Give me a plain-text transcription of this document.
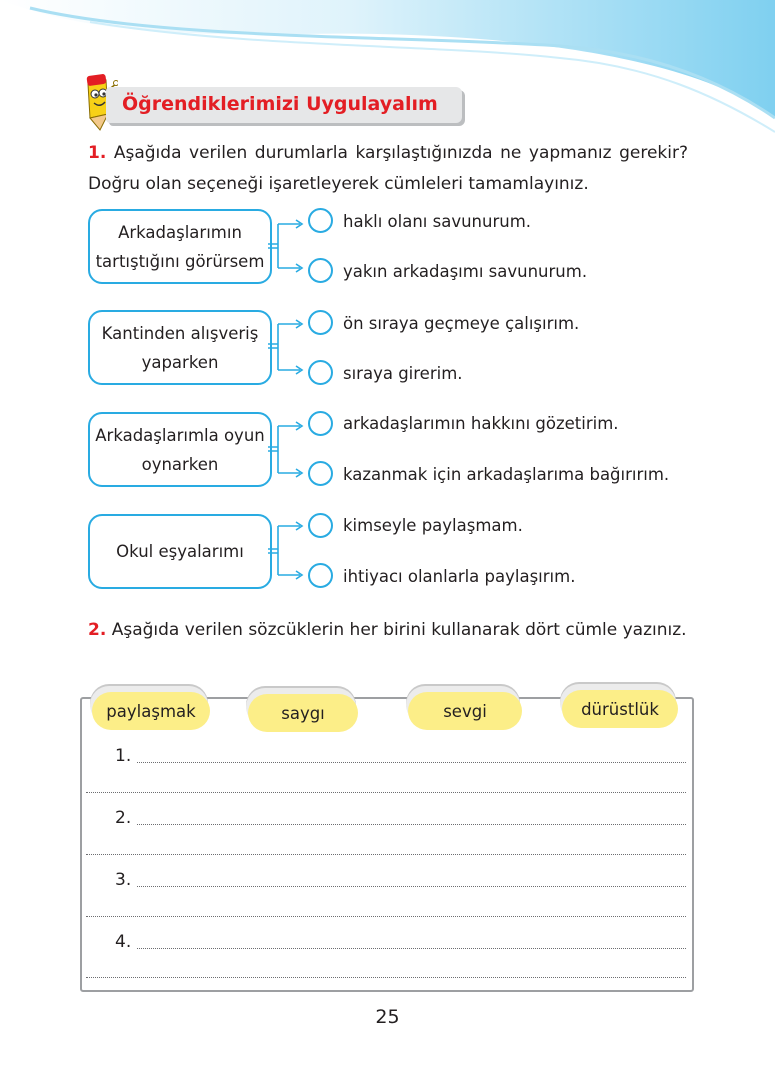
Öğrendiklerimizi Uygulayalım
1. Aşağıda verilen durumlarla karşılaştığınızda ne yapmanız gerekir? Doğru olan seçeneği işaretleyerek cümleleri tamamlayınız.
Arkadaşlarımın tartıştığını görürsem
haklı olanı savunurum.
yakın arkadaşımı savunurum.
Kantinden alışveriş yaparken
ön sıraya geçmeye çalışırım.
sıraya girerim.
Arkadaşlarımla oyun oynarken
arkadaşlarımın hakkını gözetirim.
kazanmak için arkadaşlarıma bağırırım.
Okul eşyalarımı
kimseyle paylaşmam.
ihtiyacı olanlarla paylaşırım.
2. Aşağıda verilen sözcüklerin her birini kullanarak dört cümle yazınız.
paylaşmak	saygı	sevgi	dürüstlük
1.
2.
3.
4.
25
